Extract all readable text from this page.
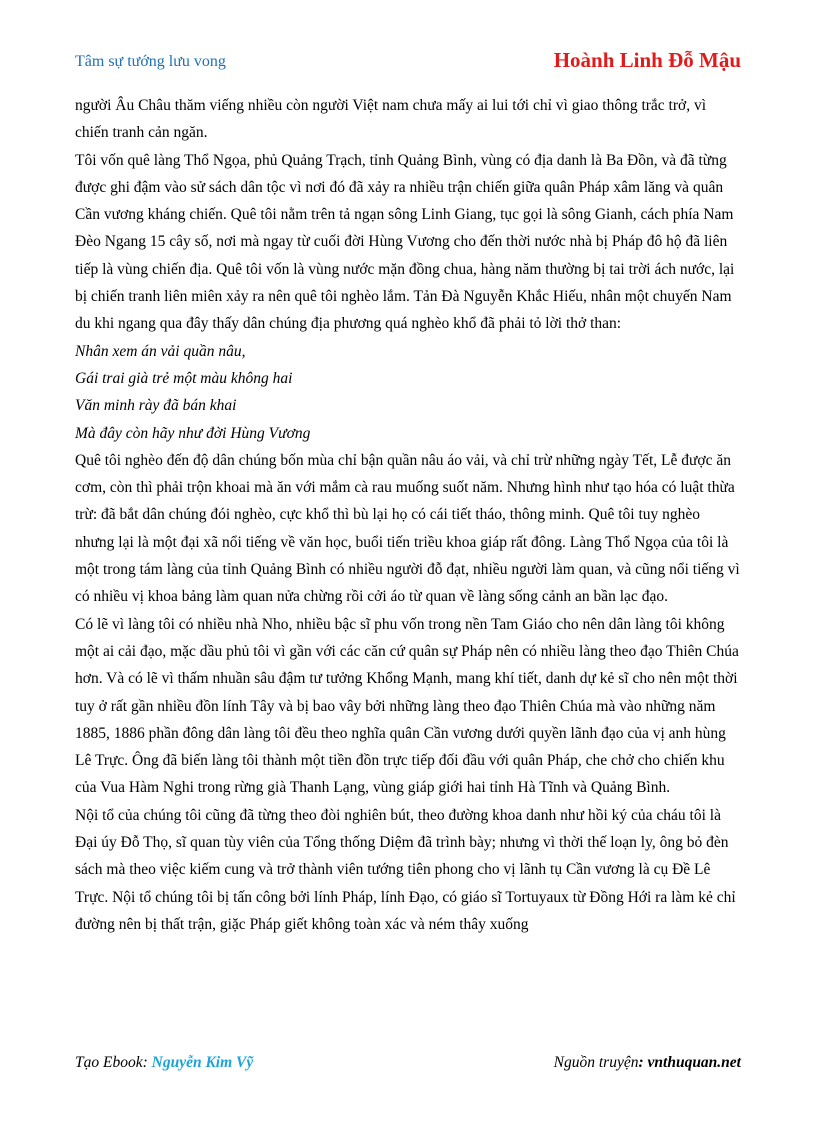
Tâm sự tướng lưu vong	Hoành Linh Đỗ Mậu

người Âu Châu thăm viếng nhiều còn người Việt nam chưa mấy ai lui tới chỉ vì giao thông trắc trở, vì chiến tranh cản ngăn.

Tôi vốn quê làng Thổ Ngọa, phủ Quảng Trạch, tỉnh Quảng Bình, vùng có địa danh là Ba Đồn, và đã từng được ghi đậm vào sử sách dân tộc vì nơi đó đã xảy ra nhiều trận chiến giữa quân Pháp xâm lăng và quân Cần vương kháng chiến. Quê tôi nằm trên tả ngạn sông Linh Giang, tục gọi là sông Gianh, cách phía Nam Đèo Ngang 15 cây số, nơi mà ngay từ cuối đời Hùng Vương cho đến thời nước nhà bị Pháp đô hộ đã liên tiếp là vùng chiến địa. Quê tôi vốn là vùng nước mặn đồng chua, hàng năm thường bị tai trời ách nước, lại bị chiến tranh liên miên xảy ra nên quê tôi nghèo lắm. Tản Đà Nguyễn Khắc Hiếu, nhân một chuyến Nam du khi ngang qua đây thấy dân chúng địa phương quá nghèo khổ đã phải tỏ lời thở than:

Nhân xem án vải quần nâu,

Gái trai già trẻ một màu không hai

Văn minh rày đã bán khai

Mà đây còn hãy như đời Hùng Vương

Quê tôi nghèo đến độ dân chúng bốn mùa chỉ bận quần nâu áo vải, và chỉ trừ những ngày Tết, Lễ được ăn cơm, còn thì phải trộn khoai mà ăn với mắm cà rau muống suốt năm. Nhưng hình như tạo hóa có luật thừa trừ: đã bắt dân chúng đói nghèo, cực khổ thì bù lại họ có cái tiết tháo, thông minh. Quê tôi tuy nghèo nhưng lại là một đại xã nổi tiếng về văn học, buổi tiến triều khoa giáp rất đông. Làng Thổ Ngọa của tôi là một trong tám làng của tỉnh Quảng Bình có nhiều người đỗ đạt, nhiều người làm quan, và cũng nổi tiếng vì có nhiều vị khoa bảng làm quan nửa chừng rồi cởi áo từ quan về làng sống cảnh an bần lạc đạo.

Có lẽ vì làng tôi có nhiều nhà Nho, nhiều bậc sĩ phu vốn trong nền Tam Giáo cho nên dân làng tôi không một ai cải đạo, mặc dầu phủ tôi vì gần với các căn cứ quân sự Pháp nên có nhiều làng theo đạo Thiên Chúa hơn. Và có lẽ vì thấm nhuần sâu đậm tư tưởng Khổng Mạnh, mang khí tiết, danh dự kẻ sĩ cho nên một thời tuy ở rất gần nhiều đồn lính Tây và bị bao vây bởi những làng theo đạo Thiên Chúa mà vào những năm 1885, 1886 phần đông dân làng tôi đều theo nghĩa quân Cần vương dưới quyền lãnh đạo của vị anh hùng Lê Trực. Ông đã biến làng tôi thành một tiền đồn trực tiếp đối đầu với quân Pháp, che chở cho chiến khu của Vua Hàm Nghi trong rừng già Thanh Lạng, vùng giáp giới hai tỉnh Hà Tĩnh và Quảng Bình.

Nội tổ của chúng tôi cũng đã từng theo đòi nghiên bút, theo đường khoa danh như hồi ký của cháu tôi là Đại úy Đỗ Thọ, sĩ quan tùy viên của Tổng thống Diệm đã trình bày; nhưng vì thời thế loạn ly, ông bỏ đèn sách mà theo việc kiếm cung và trở thành viên tướng tiên phong cho vị lãnh tụ Cần vương là cụ Đề Lê Trực. Nội tổ chúng tôi bị tấn công bởi lính Pháp, lính Đạo, có giáo sĩ Tortuyaux từ Đồng Hới ra làm kẻ chỉ đường nên bị thất trận, giặc Pháp giết không toàn xác và ném thây xuống

Tạo Ebook: Nguyễn Kim Vỹ	Nguồn truyện: vnthuquan.net
